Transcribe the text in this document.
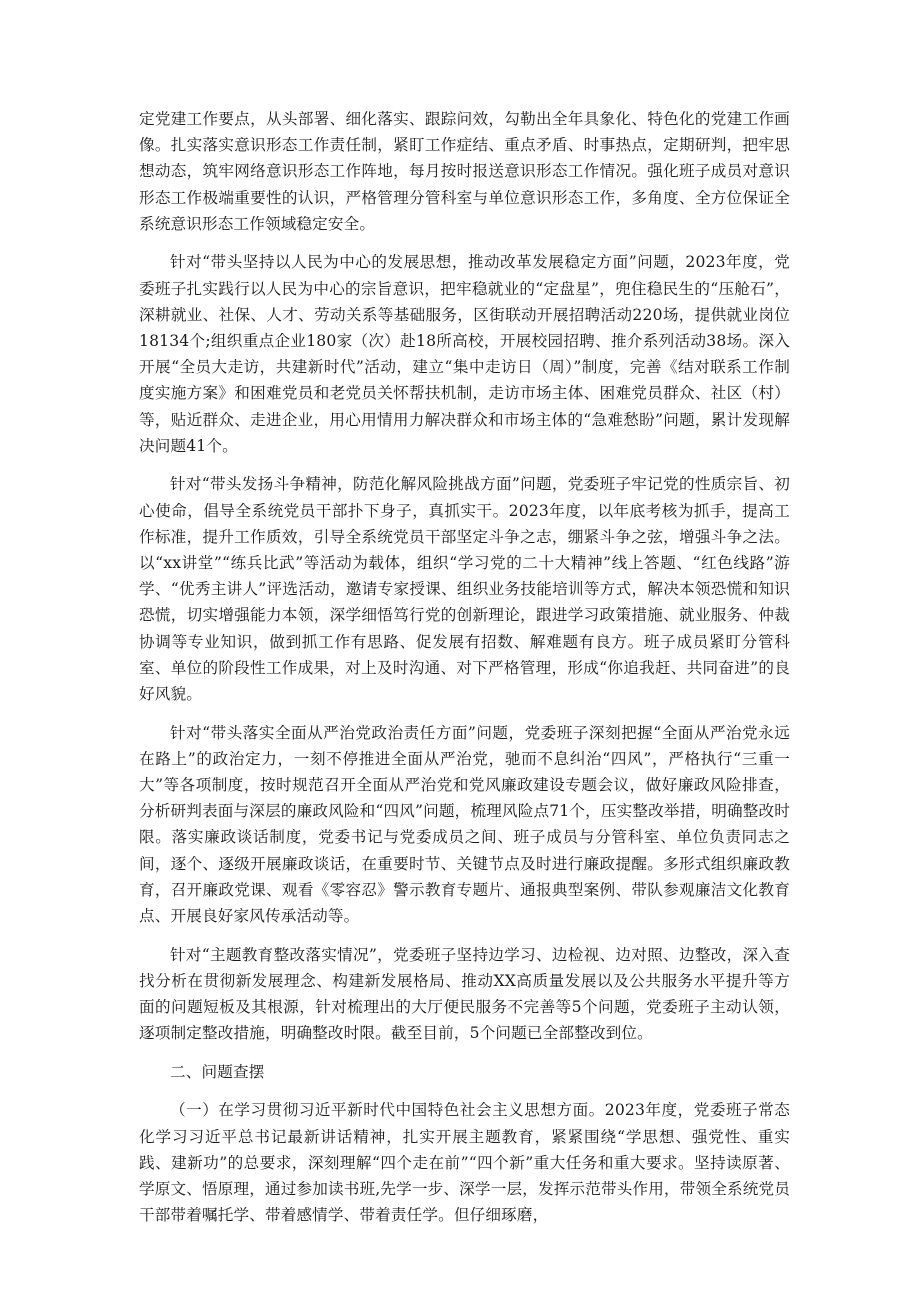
定党建工作要点，从头部署、细化落实、跟踪问效，勾勒出全年具象化、特色化的党建工作画像。扎实落实意识形态工作责任制，紧盯工作症结、重点矛盾、时事热点，定期研判，把牢思想动态，筑牢网络意识形态工作阵地，每月按时报送意识形态工作情况。强化班子成员对意识形态工作极端重要性的认识，严格管理分管科室与单位意识形态工作，多角度、全方位保证全系统意识形态工作领域稳定安全。

针对“带头坚持以人民为中心的发展思想，推动改革发展稳定方面”问题，2023年度，党委班子扎实践行以人民为中心的宗旨意识，把牢稳就业的“定盘星”，兜住稳民生的“压舱石”，深耕就业、社保、人才、劳动关系等基础服务，区街联动开展招聘活动220场，提供就业岗位18134个;组织重点企业180家（次）赴18所高校，开展校园招聘、推介系列活动38场。深入开展“全员大走访，共建新时代”活动，建立“集中走访日（周）”制度，完善《结对联系工作制度实施方案》和困难党员和老党员关怀帮扶机制，走访市场主体、困难党员群众、社区（村）等，贴近群众、走进企业，用心用情用力解决群众和市场主体的“急难愁盼”问题，累计发现解决问题41个。

针对“带头发扬斗争精神，防范化解风险挑战方面”问题，党委班子牢记党的性质宗旨、初心使命，倡导全系统党员干部扑下身子，真抓实干。2023年度，以年底考核为抓手，提高工作标准，提升工作质效，引导全系统党员干部坚定斗争之志，绷紧斗争之弦，增强斗争之法。以“xx讲堂”“练兵比武”等活动为载体，组织“学习党的二十大精神”线上答题、“红色线路”游学、“优秀主讲人”评选活动，邀请专家授课、组织业务技能培训等方式，解决本领恐慌和知识恐慌，切实增强能力本领，深学细悟笃行党的创新理论，跟进学习政策措施、就业服务、仲裁协调等专业知识，做到抓工作有思路、促发展有招数、解难题有良方。班子成员紧盯分管科室、单位的阶段性工作成果，对上及时沟通、对下严格管理，形成“你追我赶、共同奋进”的良好风貌。

针对“带头落实全面从严治党政治责任方面”问题，党委班子深刻把握“全面从严治党永远在路上”的政治定力，一刻不停推进全面从严治党，驰而不息纠治“四风”，严格执行“三重一大”等各项制度，按时规范召开全面从严治党和党风廉政建设专题会议，做好廉政风险排查，分析研判表面与深层的廉政风险和“四风”问题，梳理风险点71个，压实整改举措，明确整改时限。落实廉政谈话制度，党委书记与党委成员之间、班子成员与分管科室、单位负责同志之间，逐个、逐级开展廉政谈话，在重要时节、关键节点及时进行廉政提醒。多形式组织廉政教育，召开廉政党课、观看《零容忍》警示教育专题片、通报典型案例、带队参观廉洁文化教育点、开展良好家风传承活动等。

针对“主题教育整改落实情况”，党委班子坚持边学习、边检视、边对照、边整改，深入查找分析在贯彻新发展理念、构建新发展格局、推动XX高质量发展以及公共服务水平提升等方面的问题短板及其根源，针对梳理出的大厅便民服务不完善等5个问题，党委班子主动认领，逐项制定整改措施，明确整改时限。截至目前，5个问题已全部整改到位。

二、问题查摆

（一）在学习贯彻习近平新时代中国特色社会主义思想方面。2023年度，党委班子常态化学习习近平总书记最新讲话精神，扎实开展主题教育，紧紧围绕“学思想、强党性、重实践、建新功”的总要求，深刻理解“四个走在前”“四个新”重大任务和重大要求。坚持读原著、学原文、悟原理，通过参加读书班,先学一步、深学一层，发挥示范带头作用，带领全系统党员干部带着嘱托学、带着感情学、带着责任学。但仔细琢磨，
